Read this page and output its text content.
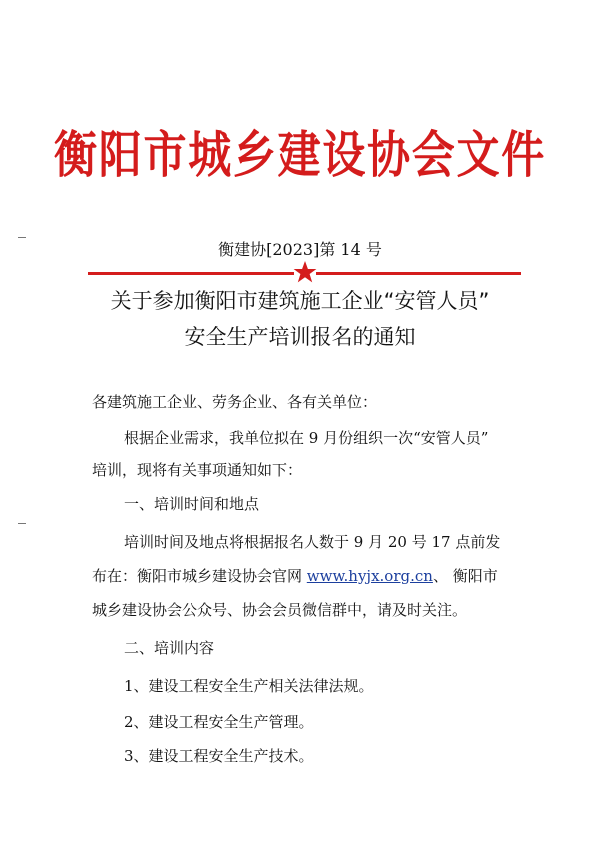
衡阳市城乡建设协会文件
衡建协[2023]第 14 号
关于参加衡阳市建筑施工企业“安管人员”
安全生产培训报名的通知
各建筑施工企业、劳务企业、各有关单位：
根据企业需求，我单位拟在 9 月份组织一次“安管人员”
培训，现将有关事项通知如下：
一、培训时间和地点
培训时间及地点将根据报名人数于 9 月 20 号 17 点前发
布在：衡阳市城乡建设协会官网 www.hyjx.org.cn、 衡阳市
城乡建设协会公众号、协会会员微信群中，请及时关注。
二、培训内容
1、建设工程安全生产相关法律法规。
2、建设工程安全生产管理。
3、建设工程安全生产技术。
